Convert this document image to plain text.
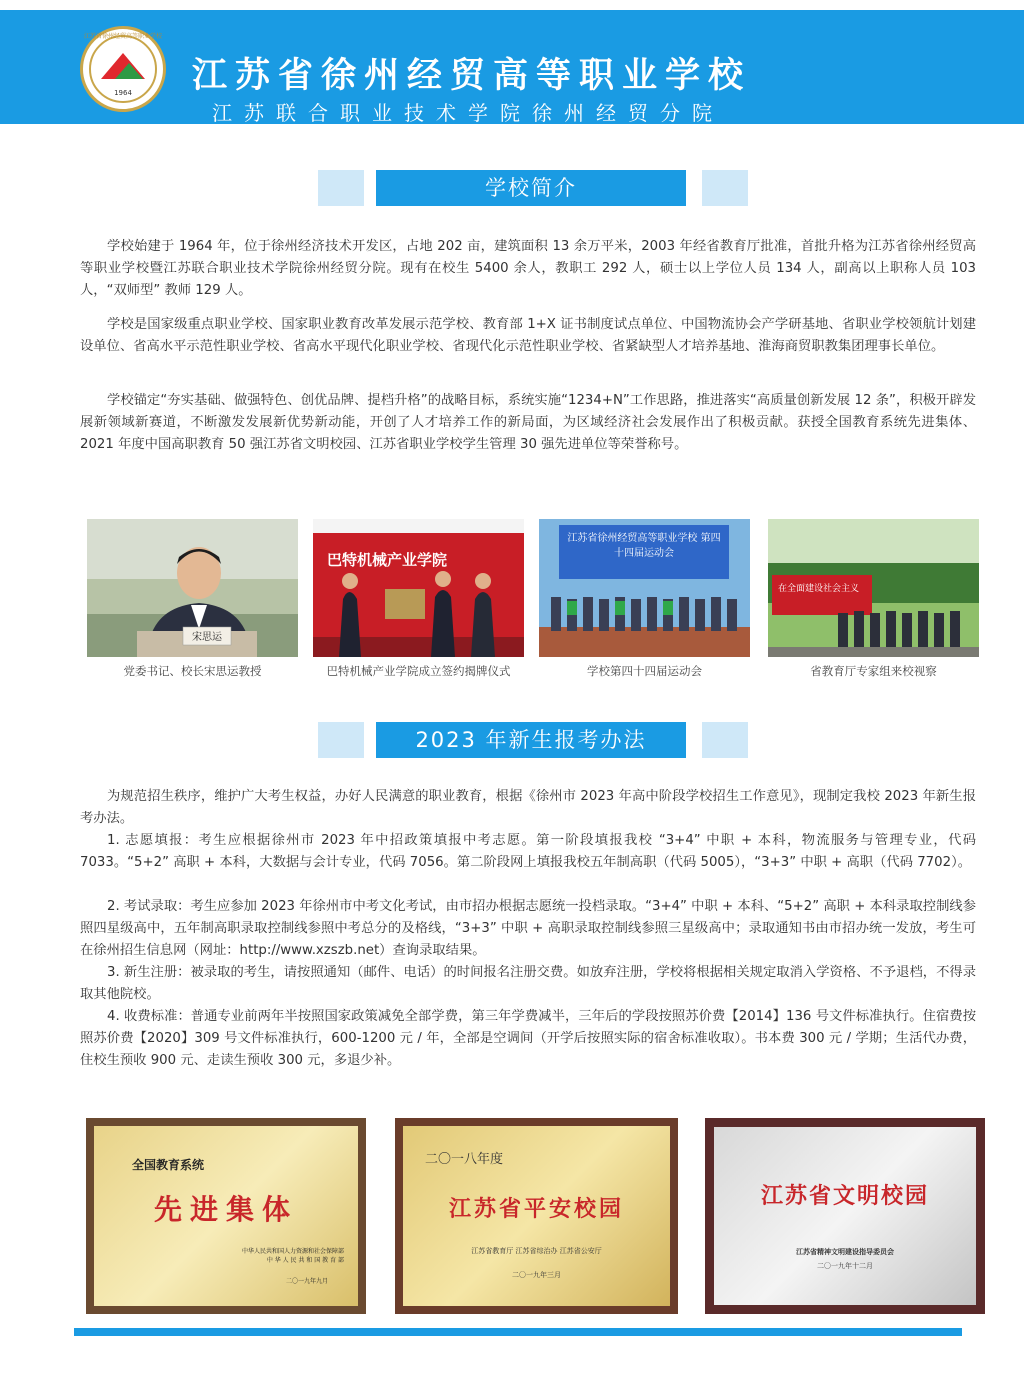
江苏省徐州经贸高等职业学校
1964	江苏省徐州经贸高等职业学校
江苏联合职业技术学院徐州经贸分院
学校简介

学校始建于 1964 年，位于徐州经济技术开发区，占地 202 亩，建筑面积 13 余万平米，2003 年经省教育厅批准，首批升格为江苏省徐州经贸高等职业学校暨江苏联合职业技术学院徐州经贸分院。现有在校生 5400 余人，教职工 292 人，硕士以上学位人员 134 人，副高以上职称人员 103 人，“双师型” 教师 129 人。

学校是国家级重点职业学校、国家职业教育改革发展示范学校、教育部 1+X 证书制度试点单位、中国物流协会产学研基地、省职业学校领航计划建设单位、省高水平示范性职业学校、省高水平现代化职业学校、省现代化示范性职业学校、省紧缺型人才培养基地、淮海商贸职教集团理事长单位。

学校锚定“夯实基础、做强特色、创优品牌、提档升格”的战略目标，系统实施“1234+N”工作思路，推进落实“高质量创新发展 12 条”，积极开辟发展新领域新赛道，不断激发发展新优势新动能，开创了人才培养工作的新局面，为区域经济社会发展作出了积极贡献。获授全国教育系统先进集体、2021 年度中国高职教育 50 强江苏省文明校园、江苏省职业学校学生管理 30 强先进单位等荣誉称号。

宋思运
党委书记、校长宋思运教授
巴特机械产业学院
巴特机械产业学院成立签约揭牌仪式
江苏省徐州经贸高等职业学校 第四十四届运动会
学校第四十四届运动会
在全面建设社会主义
省教育厅专家组来校视察
2023 年新生报考办法

为规范招生秩序，维护广大考生权益，办好人民满意的职业教育，根据《徐州市 2023 年高中阶段学校招生工作意见》，现制定我校 2023 年新生报考办法。

1. 志愿填报：考生应根据徐州市 2023 年中招政策填报中考志愿。第一阶段填报我校 “3+4” 中职 + 本科，物流服务与管理专业，代码 7033。“5+2” 高职 + 本科，大数据与会计专业，代码 7056。第二阶段网上填报我校五年制高职（代码 5005），“3+3” 中职 + 高职（代码 7702）。

2. 考试录取：考生应参加 2023 年徐州市中考文化考试，由市招办根据志愿统一投档录取。“3+4” 中职 + 本科、“5+2” 高职 + 本科录取控制线参照四星级高中，五年制高职录取控制线参照中考总分的及格线，“3+3” 中职 + 高职录取控制线参照三星级高中；录取通知书由市招办统一发放，考生可在徐州招生信息网（网址：http://www.xzszb.net）查询录取结果。

3. 新生注册：被录取的考生，请按照通知（邮件、电话）的时间报名注册交费。如放弃注册，学校将根据相关规定取消入学资格、不予退档，不得录取其他院校。

4. 收费标准：普通专业前两年半按照国家政策减免全部学费，第三年学费减半，三年后的学段按照苏价费【2014】136 号文件标准执行。住宿费按照苏价费【2020】309 号文件标准执行，600-1200 元 / 年，全部是空调间（开学后按照实际的宿舍标准收取）。书本费 300 元 / 学期；生活代办费，住校生预收 900 元、走读生预收 300 元，多退少补。

全国教育系统
先进集体
中华人民共和国人力资源和社会保障部
中 华 人 民 共 和 国 教 育 部
二〇一九年九月
二〇一八年度
江苏省平安校园
江苏省教育厅 江苏省综治办 江苏省公安厅
二〇一九年三月
江苏省文明校园
江苏省精神文明建设指导委员会
二〇一九年十二月
